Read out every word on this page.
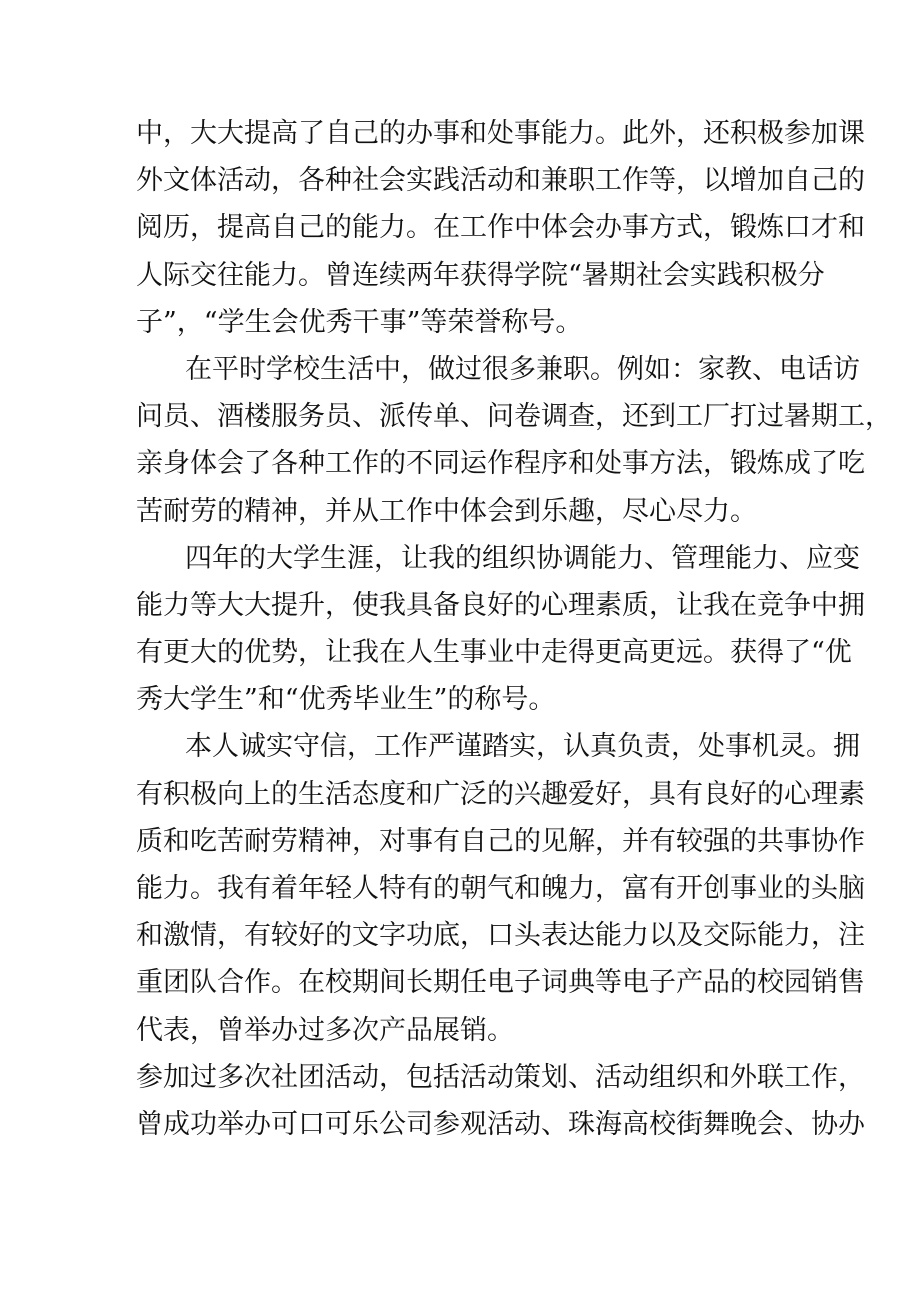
中，大大提高了自己的办事和处事能力。此外，还积极参加课
外文体活动，各种社会实践活动和兼职工作等，以增加自己的
阅历，提高自己的能力。在工作中体会办事方式，锻炼口才和
人际交往能力。曾连续两年获得学院“暑期社会实践积极分
子”，“学生会优秀干事”等荣誉称号。
在平时学校生活中，做过很多兼职。例如：家教、电话访
问员、酒楼服务员、派传单、问卷调查，还到工厂打过暑期工，
亲身体会了各种工作的不同运作程序和处事方法，锻炼成了吃
苦耐劳的精神，并从工作中体会到乐趣，尽心尽力。
四年的大学生涯，让我的组织协调能力、管理能力、应变
能力等大大提升，使我具备良好的心理素质，让我在竞争中拥
有更大的优势，让我在人生事业中走得更高更远。获得了“优
秀大学生”和“优秀毕业生”的称号。
本人诚实守信，工作严谨踏实，认真负责，处事机灵。拥
有积极向上的生活态度和广泛的兴趣爱好，具有良好的心理素
质和吃苦耐劳精神，对事有自己的见解，并有较强的共事协作
能力。我有着年轻人特有的朝气和魄力，富有开创事业的头脑
和激情，有较好的文字功底，口头表达能力以及交际能力，注
重团队合作。在校期间长期任电子词典等电子产品的校园销售
代表，曾举办过多次产品展销。
参加过多次社团活动，包括活动策划、活动组织和外联工作，
曾成功举办可口可乐公司参观活动、珠海高校街舞晚会、协办
